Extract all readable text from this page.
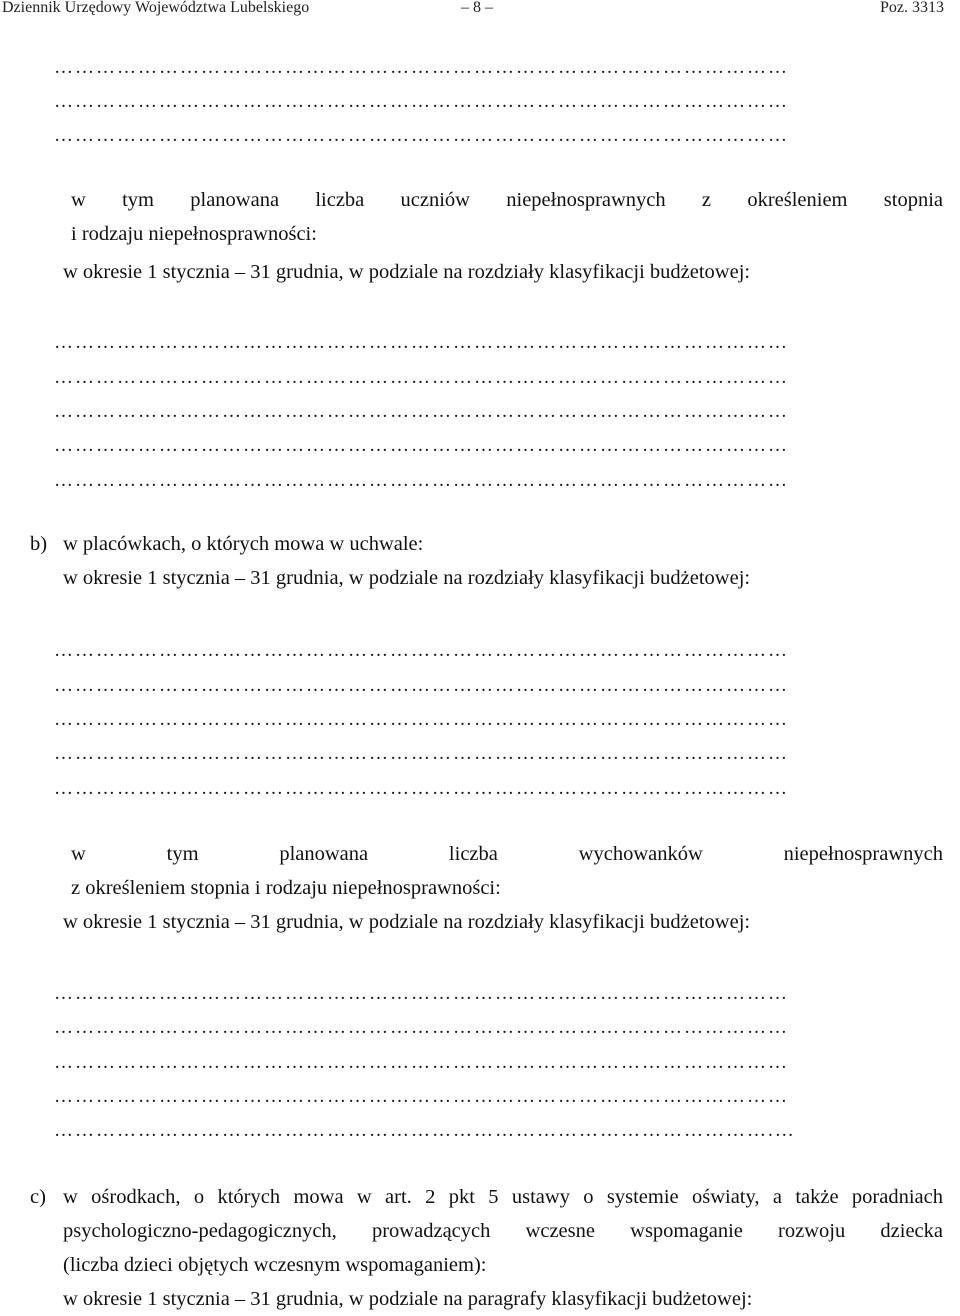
Dziennik Urzędowy Województwa Lubelskiego	– 8 –	Poz. 3313
……………………………………………………………………………………………
……………………………………………………………………………………………
……………………………………………………………………………………………
w tym planowana liczba uczniów niepełnosprawnych z określeniem stopnia
i rodzaju niepełnosprawności:
w okresie 1 stycznia – 31 grudnia, w podziale na rozdziały klasyfikacji budżetowej:
……………………………………………………………………………………………
……………………………………………………………………………………………
……………………………………………………………………………………………
……………………………………………………………………………………………
……………………………………………………………………………………………
b) w placówkach, o których mowa w uchwale:
w okresie 1 stycznia – 31 grudnia, w podziale na rozdziały klasyfikacji budżetowej:
……………………………………………………………………………………………
……………………………………………………………………………………………
……………………………………………………………………………………………
……………………………………………………………………………………………
……………………………………………………………………………………………
w tym planowana liczba wychowanków niepełnosprawnych
z określeniem stopnia i rodzaju niepełnosprawności:
w okresie 1 stycznia – 31 grudnia, w podziale na rozdziały klasyfikacji budżetowej:
……………………………………………………………………………………………
……………………………………………………………………………………………
……………………………………………………………………………………………
……………………………………………………………………………………………
………………………………………………………………………………………….…
c) w ośrodkach, o których mowa w art. 2 pkt 5 ustawy o systemie oświaty, a także poradniach
psychologiczno-pedagogicznych, prowadzących wczesne wspomaganie rozwoju dziecka
(liczba dzieci objętych wczesnym wspomaganiem):
w okresie 1 stycznia – 31 grudnia, w podziale na paragrafy klasyfikacji budżetowej:
